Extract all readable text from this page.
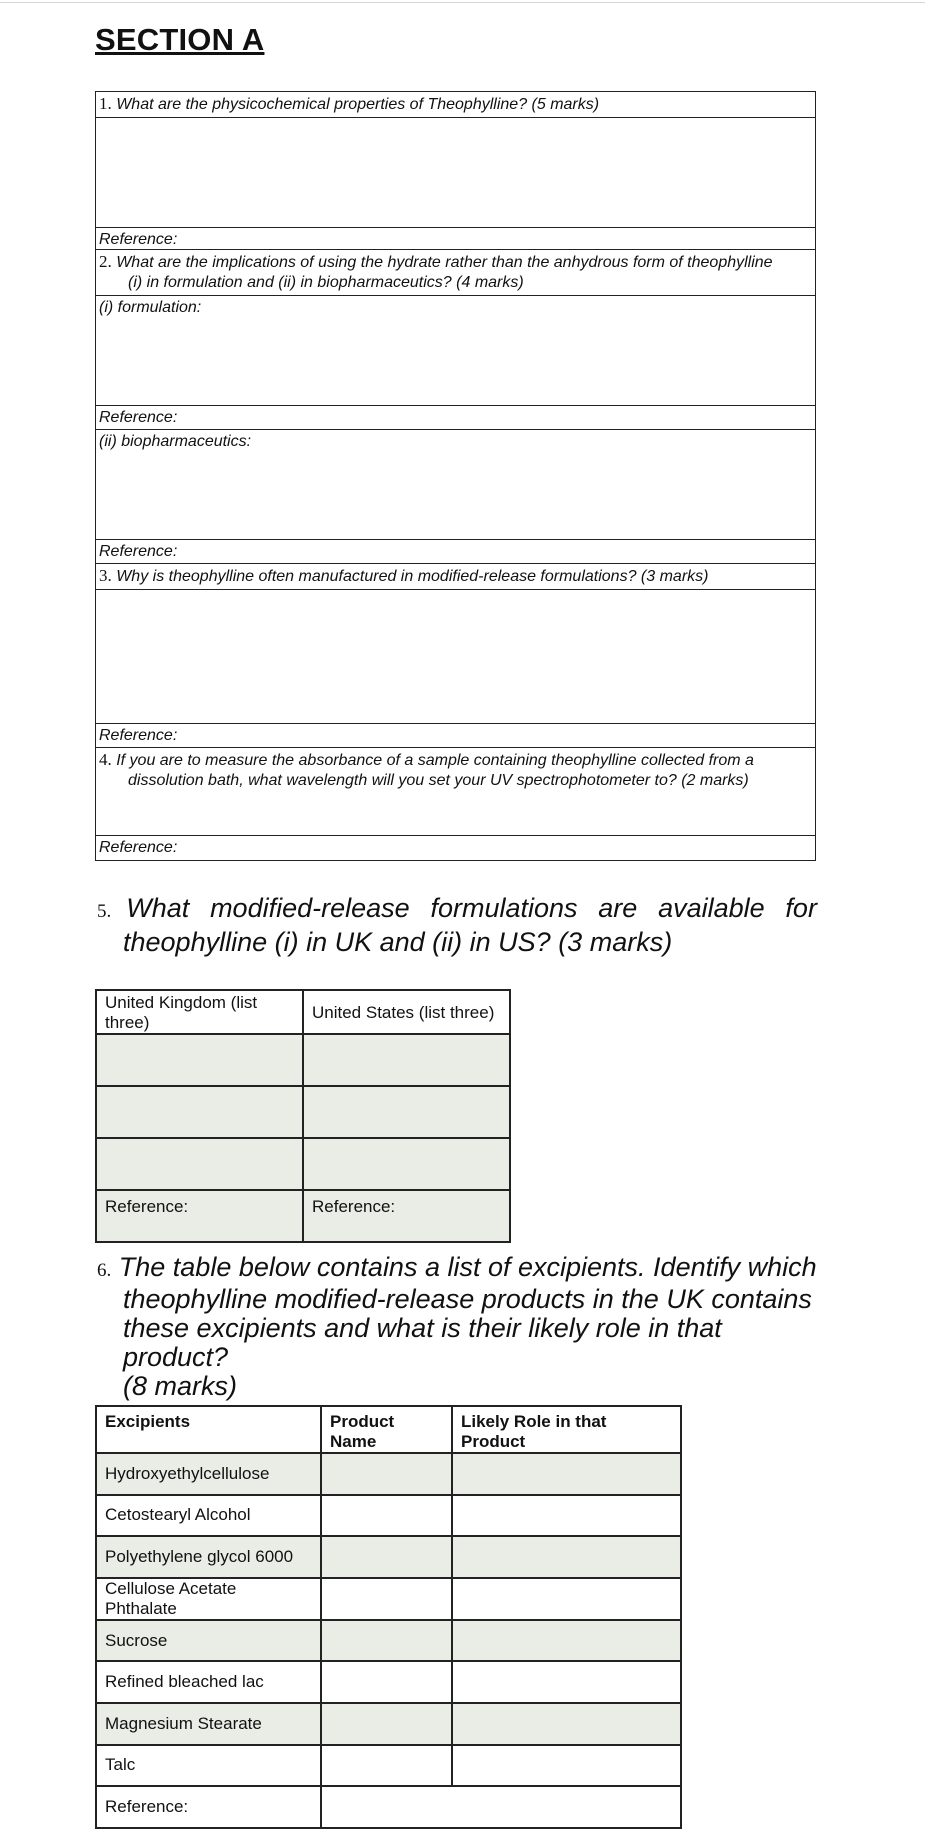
SECTION A
1. What are the physicochemical properties of Theophylline? (5 marks)
Reference:
2. What are the implications of using the hydrate rather than the anhydrous form of theophylline
(i) in formulation and (ii) in biopharmaceutics? (4 marks)
(i) formulation:
Reference:
(ii) biopharmaceutics:
Reference:
3. Why is theophylline often manufactured in modified-release formulations? (3 marks)
Reference:
4. If you are to measure the absorbance of a sample containing theophylline collected from a
dissolution bath, what wavelength will you set your UV spectrophotometer to? (2 marks)
Reference:
5. What modified-release formulations are available for
theophylline (i) in UK and (ii) in US? (3 marks)
United Kingdom (list three)	United States (list three)

Reference:	Reference:
6. The table below contains a list of excipients. Identify which
theophylline modified-release products in the UK contains
these excipients and what is their likely role in that product?
(8 marks)
Excipients	Product Name	Likely Role in that Product
Hydroxyethylcellulose		
Cetostearyl Alcohol		
Polyethylene glycol 6000		
Cellulose Acetate Phthalate		
Sucrose		
Refined bleached lac		
Magnesium Stearate		
Talc		
Reference:		
